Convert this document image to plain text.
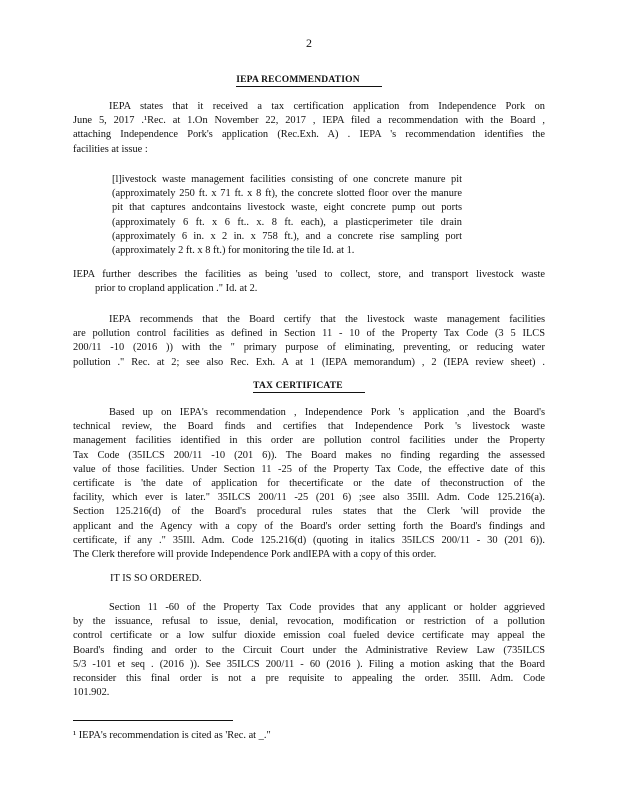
2
IEPA RECOMMENDATION
IEPA states that it received a tax certification application from Independence Pork on
June 5, 2017 .¹Rec. at 1.On November 22, 2017 , IEPA filed a recommendation with the Board ,
attaching Independence Pork's application (Rec.Exh. A) . IEPA 's recommendation identifies the
facilities at issue :
[l]ivestock waste management facilities consisting of one concrete manure pit
(approximately 250 ft. x 71 ft. x 8 ft), the concrete slotted floor over the manure
pit that captures andcontains livestock waste, eight concrete pump out ports
(approximately 6 ft. x 6 ft.. x. 8 ft. each), a plasticperimeter tile drain
(approximately 6 in. x 2 in. x 758 ft.), and a concrete rise sampling port
(approximately 2 ft. x 8 ft.) for monitoring the tile Id. at 1.
IEPA further describes the facilities as being 'used to collect, store, and transport livestock waste
prior to cropland application ." Id. at 2.
IEPA recommends that the Board certify that the livestock waste management facilities
are pollution control facilities as defined in Section 11 - 10 of the Property Tax Code (3 5 ILCS
200/11 -10 (2016 )) with the " primary purpose of eliminating, preventing, or reducing water
pollution ." Rec. at 2; see also Rec. Exh. A at 1 (IEPA memorandum) , 2 (IEPA review sheet) .
TAX CERTIFICATE
Based up on IEPA's recommendation , Independence Pork 's application ,and the Board's
technical review, the Board finds and certifies that Independence Pork 's livestock waste
management facilities identified in this order are pollution control facilities under the Property
Tax Code (35ILCS 200/11 -10 (201 6)). The Board makes no finding regarding the assessed
value of those facilities. Under Section 11 -25 of the Property Tax Code, the effective date of this
certificate is 'the date of application for thecertificate or the date of theconstruction of the
facility, which ever is later." 35ILCS 200/11 -25 (201 6) ;see also 35Ill. Adm. Code 125.216(a).
Section 125.216(d) of the Board's procedural rules states that the Clerk 'will provide the
applicant and the Agency with a copy of the Board's order setting forth the Board's findings and
certificate, if any ." 35Ill. Adm. Code 125.216(d) (quoting in italics 35ILCS 200/11 - 30 (201 6)).
The Clerk therefore will provide Independence Pork andIEPA with a copy of this order.
IT IS SO ORDERED.
Section 11 -60 of the Property Tax Code provides that any applicant or holder aggrieved
by the issuance, refusal to issue, denial, revocation, modification or restriction of a pollution
control certificate or a low sulfur dioxide emission coal fueled device certificate may appeal the
Board's finding and order to the Circuit Court under the Administrative Review Law (735ILCS
5/3 -101 et seq . (2016 )). See 35ILCS 200/11 - 60 (2016 ). Filing a motion asking that the Board
reconsider this final order is not a pre requisite to appealing the order. 35Ill. Adm. Code
101.902.
¹ IEPA's recommendation is cited as 'Rec. at _."
